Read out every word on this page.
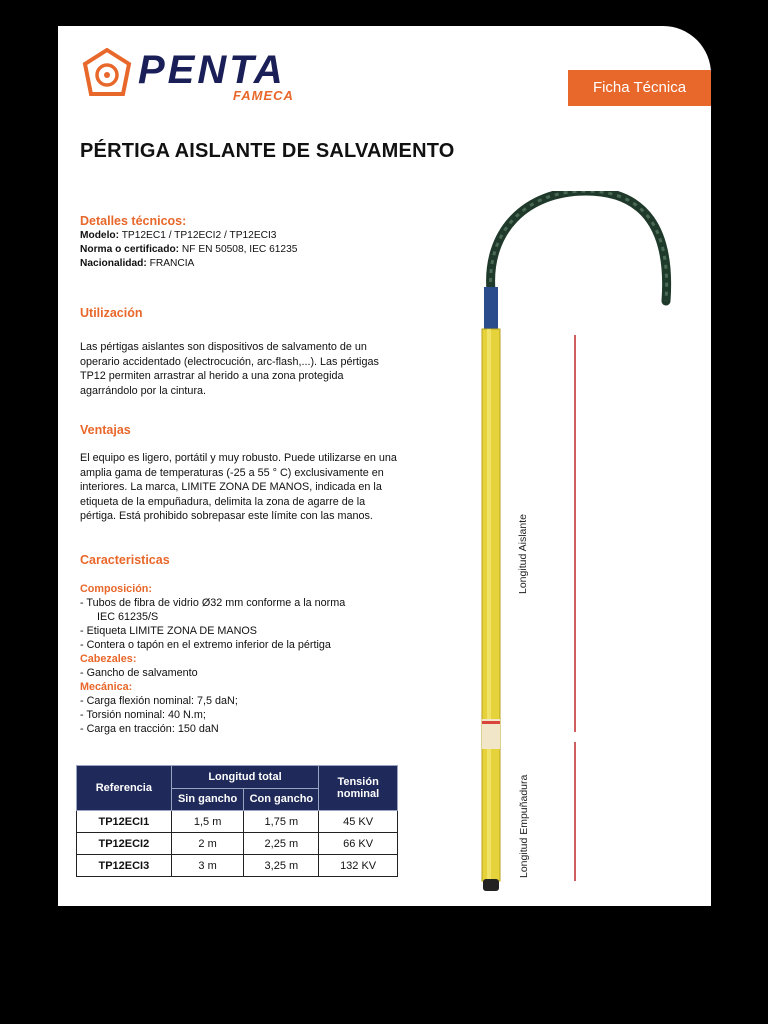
PENTA
FAMECA	Ficha Técnica
PÉRTIGA AISLANTE DE SALVAMENTO
Detalles técnicos:
Modelo: TP12EC1 / TP12ECI2 / TP12ECI3
Norma o certificado: NF EN 50508, IEC 61235
Nacionalidad: FRANCIA
Utilización
Las pértigas aislantes son dispositivos de salvamento de un operario accidentado (electrocución, arc-flash,...). Las pértigas TP12 permiten arrastrar al herido a una zona protegida agarrándolo por la cintura.
Ventajas
El equipo es ligero, portátil y muy robusto. Puede utilizarse en una amplia gama de temperaturas (-25 a 55 ° C) exclusivamente en interiores. La marca, LIMITE ZONA DE MANOS, indicada en la etiqueta de la empuñadura, delimita la zona de agarre de la pértiga. Está prohibido sobrepasar este límite con las manos.
Caracteristicas
Composición:
- Tubos de fibra de vidrio Ø32 mm conforme a la norma
IEC 61235/S
- Etiqueta LIMITE ZONA DE MANOS
- Contera o tapón en el extremo inferior de la pértiga
Cabezales:
- Gancho de salvamento
Mecánica:
- Carga flexión nominal: 7,5 daN;
- Torsión nominal: 40 N.m;
- Carga en tracción: 150 daN
Referencia	Longitud total		Tensión nominal
	Sin gancho	Con gancho	
TP12ECI1	1,5 m	1,75 m	45 KV
TP12ECI2	2 m	2,25 m	66 KV
TP12ECI3	3 m	3,25 m	132 KV
Longitud Aislante
Longitud Empuñadura
